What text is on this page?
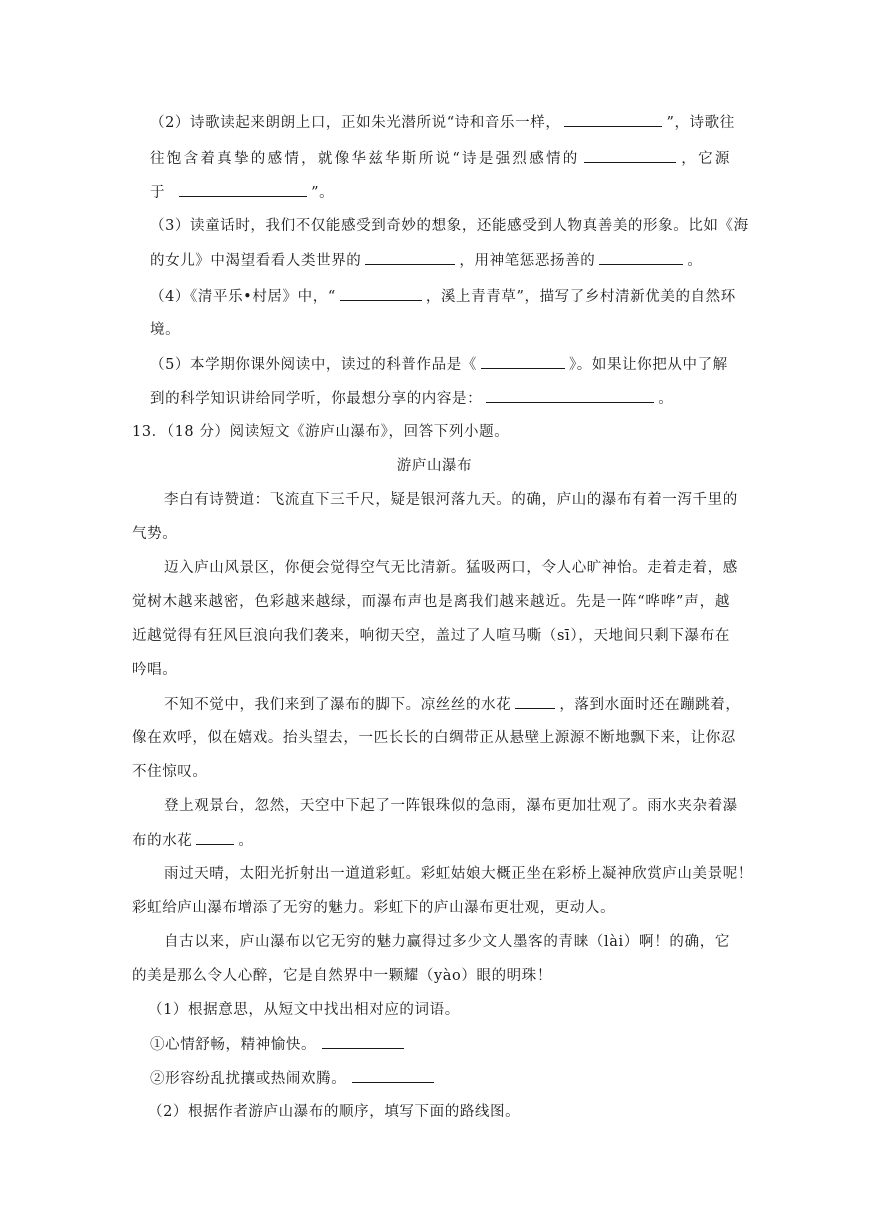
（2）诗歌读起来朗朗上口，正如朱光潜所说“诗和音乐一样，	”，诗歌往
往饱含着真挚的感情，就像华兹华斯所说“诗是强烈感情的	，它源
于	”。
（3）读童话时，我们不仅能感受到奇妙的想象，还能感受到人物真善美的形象。比如《海
的女儿》中渴望看看人类世界的	，用神笔惩恶扬善的	。
（4）《清平乐•村居》中，“	，溪上青青草”，描写了乡村清新优美的自然环
境。
（5）本学期你课外阅读中，读过的科普作品是《	》。如果让你把从中了解
到的科学知识讲给同学听，你最想分享的内容是：	。
13．（18 分）阅读短文《游庐山瀑布》，回答下列小题。
游庐山瀑布
李白有诗赞道：飞流直下三千尺，疑是银河落九天。的确，庐山的瀑布有着一泻千里的
气势。
迈入庐山风景区，你便会觉得空气无比清新。猛吸两口，令人心旷神怡。走着走着，感
觉树木越来越密，色彩越来越绿，而瀑布声也是离我们越来越近。先是一阵“哗哗”声，越
近越觉得有狂风巨浪向我们袭来，响彻天空，盖过了人喧马嘶（sī），天地间只剩下瀑布在
吟唱。
不知不觉中，我们来到了瀑布的脚下。凉丝丝的水花	，落到水面时还在蹦跳着，
像在欢呼，似在嬉戏。抬头望去，一匹长长的白绸带正从悬壁上源源不断地飘下来，让你忍
不住惊叹。
登上观景台，忽然，天空中下起了一阵银珠似的急雨，瀑布更加壮观了。雨水夹杂着瀑
布的水花	。
雨过天晴，太阳光折射出一道道彩虹。彩虹姑娘大概正坐在彩桥上凝神欣赏庐山美景呢！
彩虹给庐山瀑布增添了无穷的魅力。彩虹下的庐山瀑布更壮观，更动人。
自古以来，庐山瀑布以它无穷的魅力赢得过多少文人墨客的青睐（lài）啊！的确，它
的美是那么令人心醉，它是自然界中一颗耀（yào）眼的明珠！
（1）根据意思，从短文中找出相对应的词语。
①心情舒畅，精神愉快。
②形容纷乱扰攘或热闹欢腾。
（2）根据作者游庐山瀑布的顺序，填写下面的路线图。
